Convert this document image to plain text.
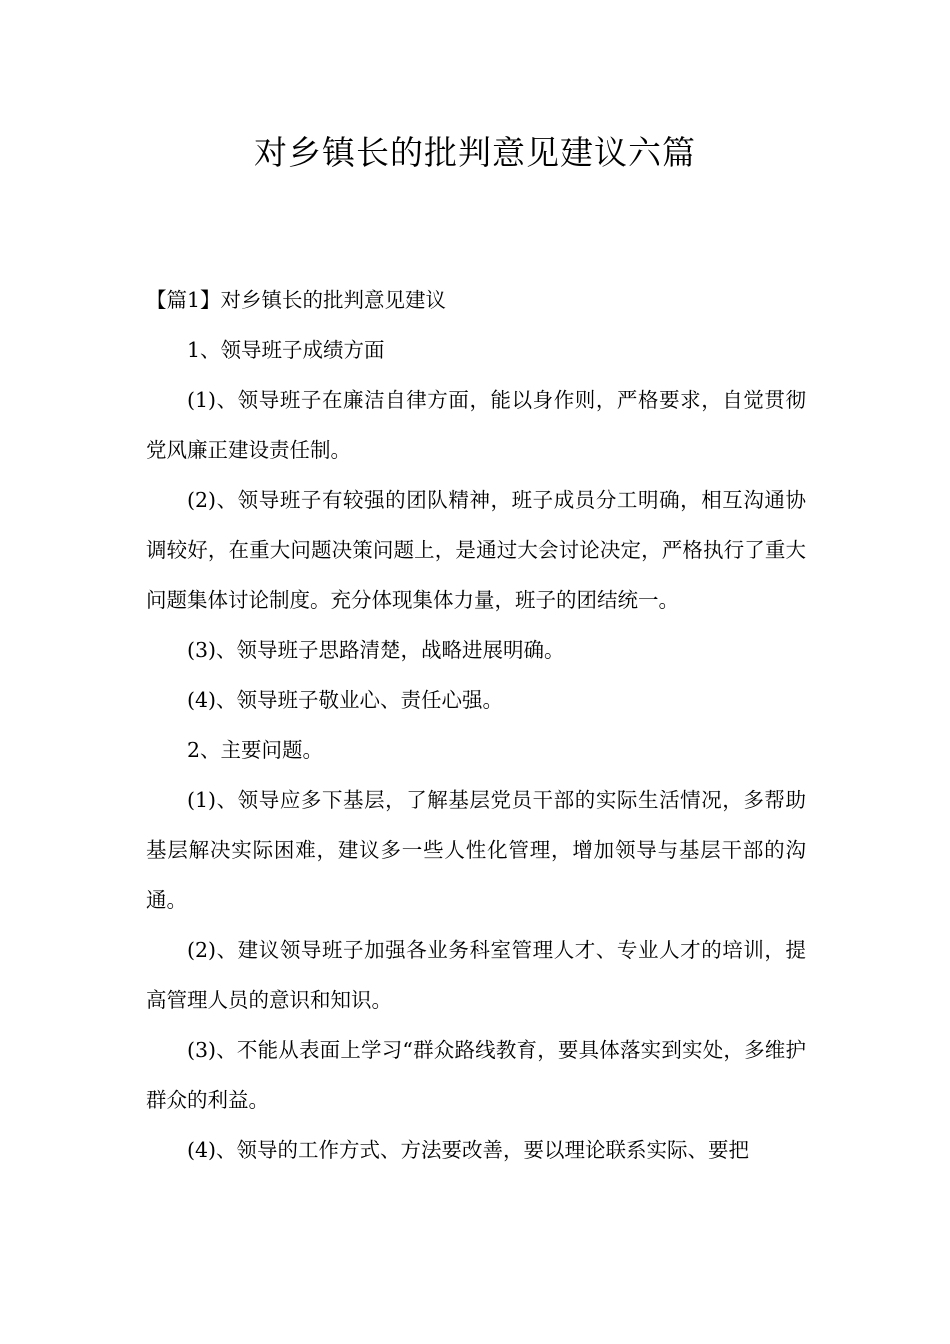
对乡镇长的批判意见建议六篇

【篇1】对乡镇长的批判意见建议

1、领导班子成绩方面

(1)、领导班子在廉洁自律方面，能以身作则，严格要求，自觉贯彻党风廉正建设责任制。

(2)、领导班子有较强的团队精神，班子成员分工明确，相互沟通协调较好，在重大问题决策问题上，是通过大会讨论决定，严格执行了重大问题集体讨论制度。充分体现集体力量，班子的团结统一。

(3)、领导班子思路清楚，战略进展明确。

(4)、领导班子敬业心、责任心强。

2、主要问题。

(1)、领导应多下基层，了解基层党员干部的实际生活情况，多帮助基层解决实际困难，建议多一些人性化管理，增加领导与基层干部的沟通。

(2)、建议领导班子加强各业务科室管理人才、专业人才的培训，提高管理人员的意识和知识。

(3)、不能从表面上学习“群众路线教育，要具体落实到实处，多维护群众的利益。

(4)、领导的工作方式、方法要改善，要以理论联系实际、要把
